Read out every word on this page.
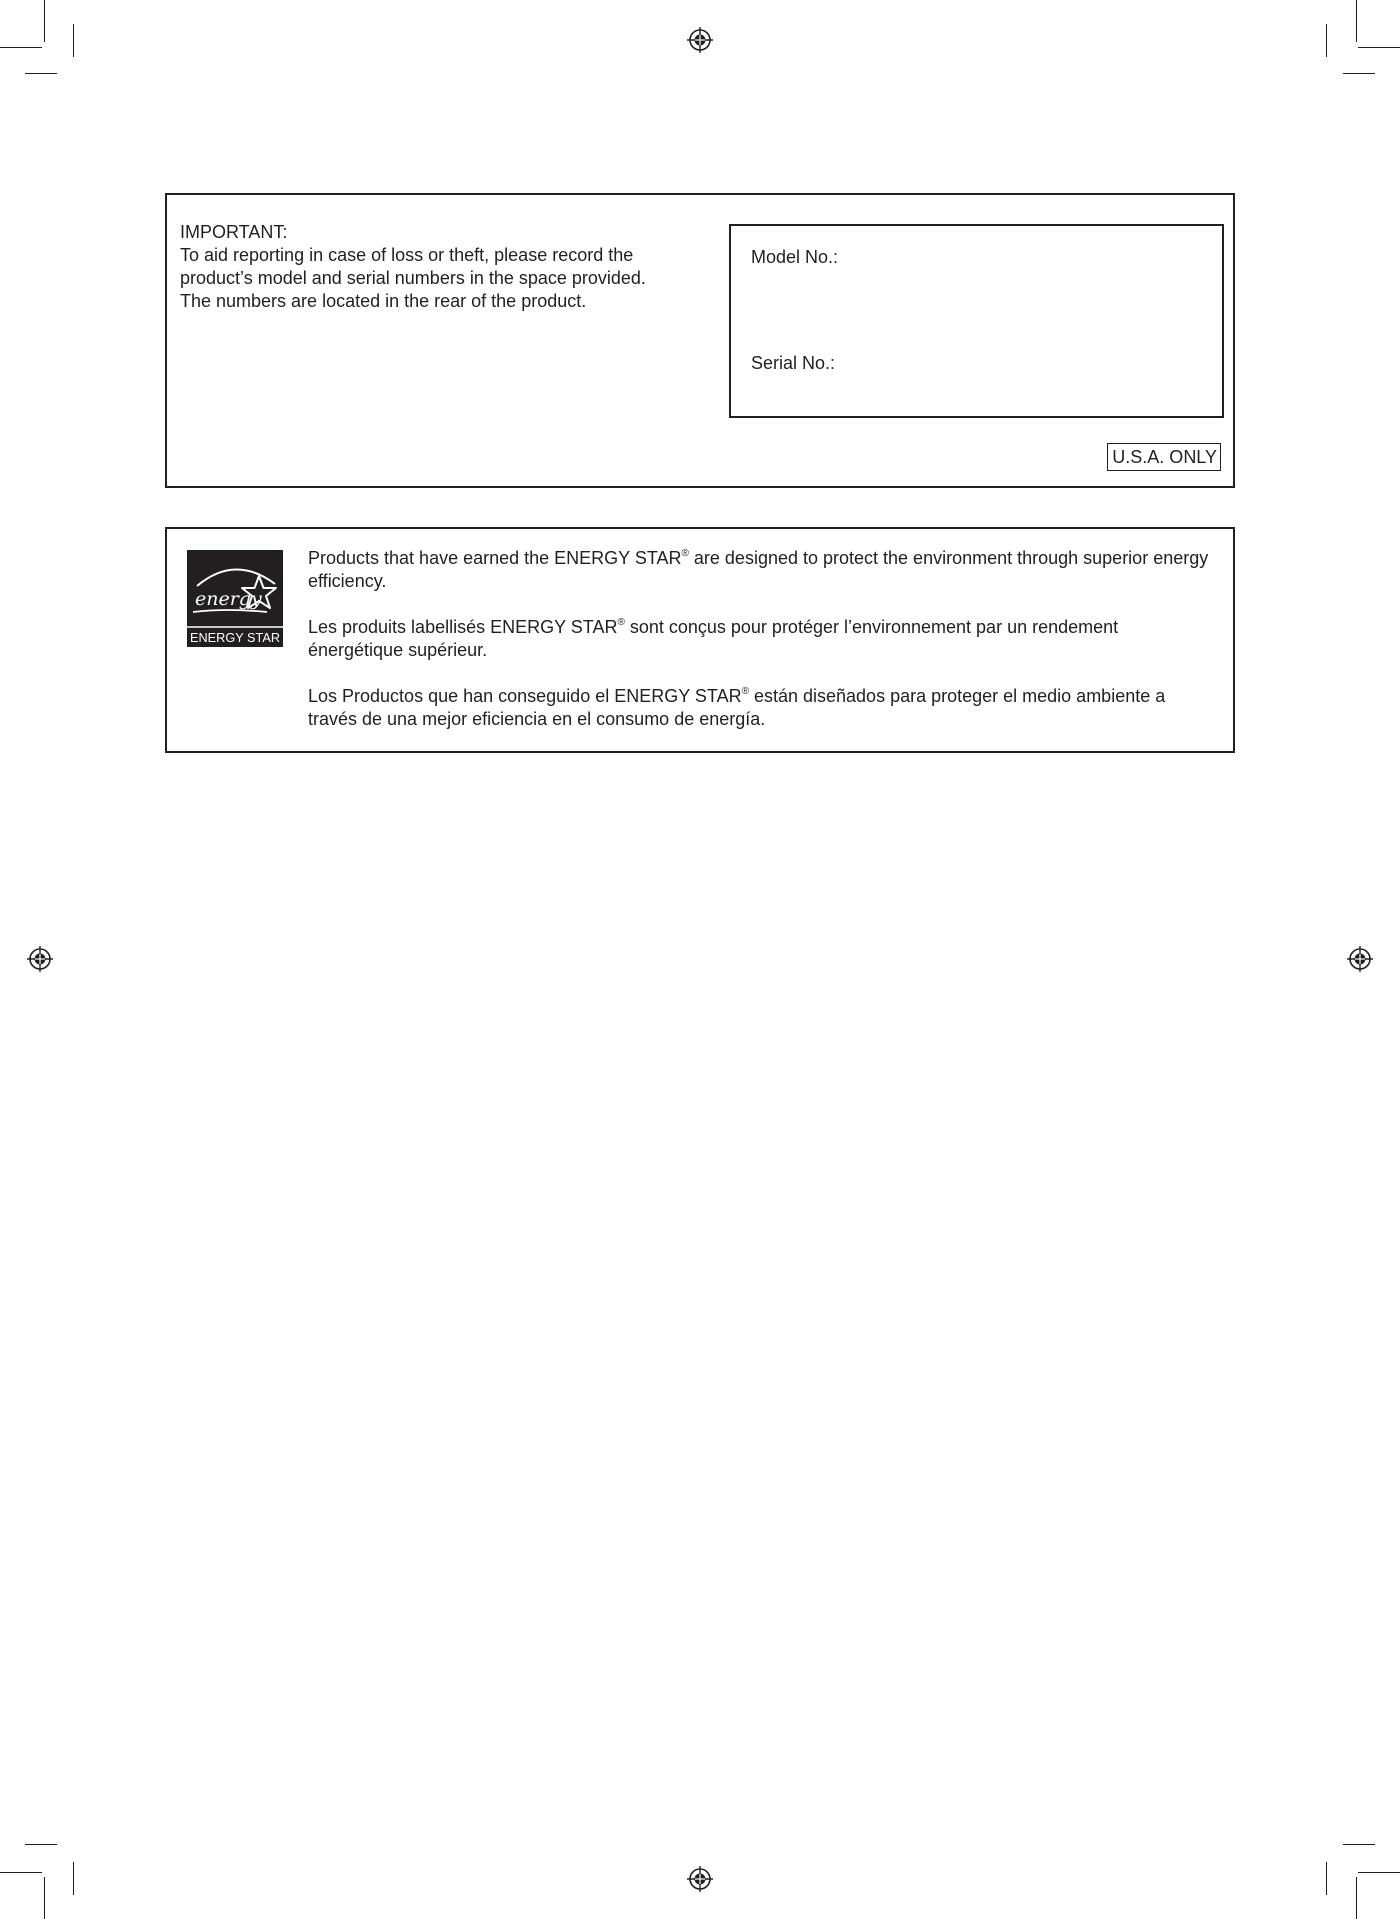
IMPORTANT:
To aid reporting in case of loss or theft, please record the
product’s model and serial numbers in the space provided.
The numbers are located in the rear of the product.
Model No.:
Serial No.:
U.S.A. ONLY
energy
ENERGY STAR

Products that have earned the ENERGY STAR® are designed to protect the environment through superior energy efficiency.

Les produits labellisés ENERGY STAR® sont conçus pour protéger l’environnement par un rendement énergétique supérieur.

Los Productos que han conseguido el ENERGY STAR® están diseñados para proteger el medio ambiente a través de una mejor eficiencia en el consumo de energía.
